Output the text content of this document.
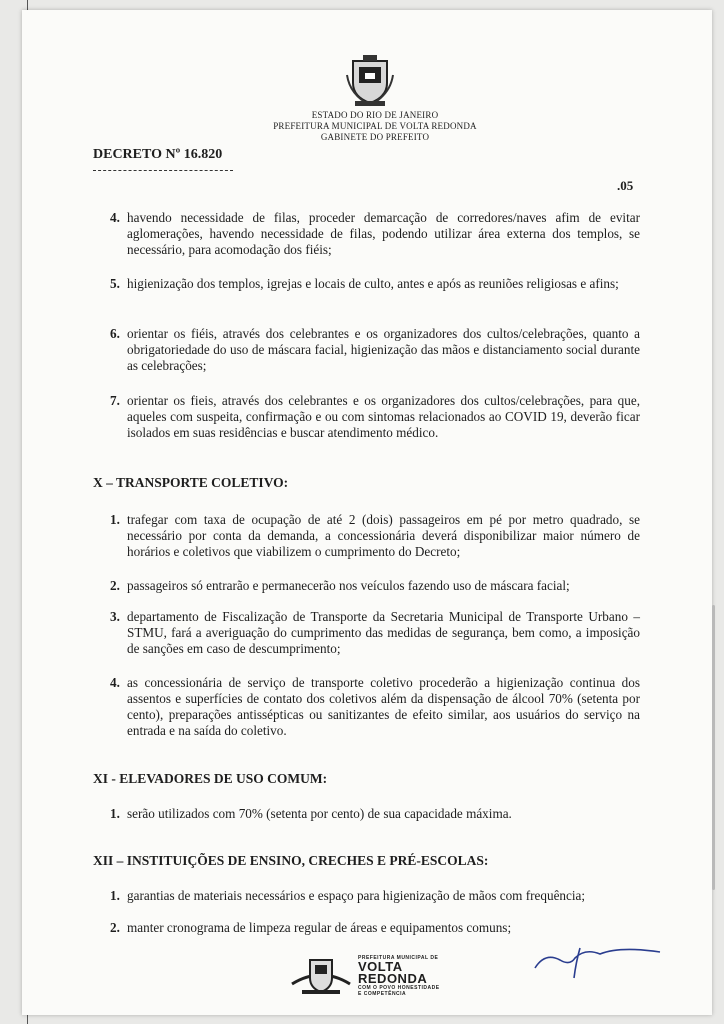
ESTADO DO RIO DE JANEIRO
PREFEITURA MUNICIPAL DE VOLTA REDONDA
GABINETE DO PREFEITO
DECRETO Nº 16.820
.05
4. havendo necessidade de filas, proceder demarcação de corredores/naves afim de evitar aglomerações, havendo necessidade de filas, podendo utilizar área externa dos templos, se necessário, para acomodação dos fiéis;
5. higienização dos templos, igrejas e locais de culto, antes e após as reuniões religiosas e afins;
6. orientar os fiéis, através dos celebrantes e os organizadores dos cultos/celebrações, quanto a obrigatoriedade do uso de máscara facial, higienização das mãos e distanciamento social durante as celebrações;
7. orientar os fieis, através dos celebrantes e os organizadores dos cultos/celebrações, para que, aqueles com suspeita, confirmação e ou com sintomas relacionados ao COVID 19, deverão ficar isolados em suas residências e buscar atendimento médico.
X – TRANSPORTE COLETIVO:
1. trafegar com taxa de ocupação de até 2 (dois) passageiros em pé por metro quadrado, se necessário por conta da demanda, a concessionária deverá disponibilizar maior número de horários e coletivos que viabilizem o cumprimento do Decreto;
2. passageiros só entrarão e permanecerão nos veículos fazendo uso de máscara facial;
3. departamento de Fiscalização de Transporte da Secretaria Municipal de Transporte Urbano – STMU, fará a averiguação do cumprimento das medidas de segurança, bem como, a imposição de sanções em caso de descumprimento;
4. as concessionária de serviço de transporte coletivo procederão a higienização continua dos assentos e superfícies de contato dos coletivos além da dispensação de álcool 70% (setenta por cento), preparações antissépticas ou sanitizantes de efeito similar, aos usuários do serviço na entrada e na saída do coletivo.
XI - ELEVADORES DE USO COMUM:
1. serão utilizados com 70% (setenta por cento) de sua capacidade máxima.
XII – INSTITUIÇÕES DE ENSINO, CRECHES E PRÉ-ESCOLAS:
1. garantias de materiais necessários e espaço para higienização de mãos com frequência;
2. manter cronograma de limpeza regular de áreas e equipamentos comuns;
PREFEITURA MUNICIPAL DE
VOLTA
REDONDA
COM O POVO HONESTIDADE
E COMPETÊNCIA
